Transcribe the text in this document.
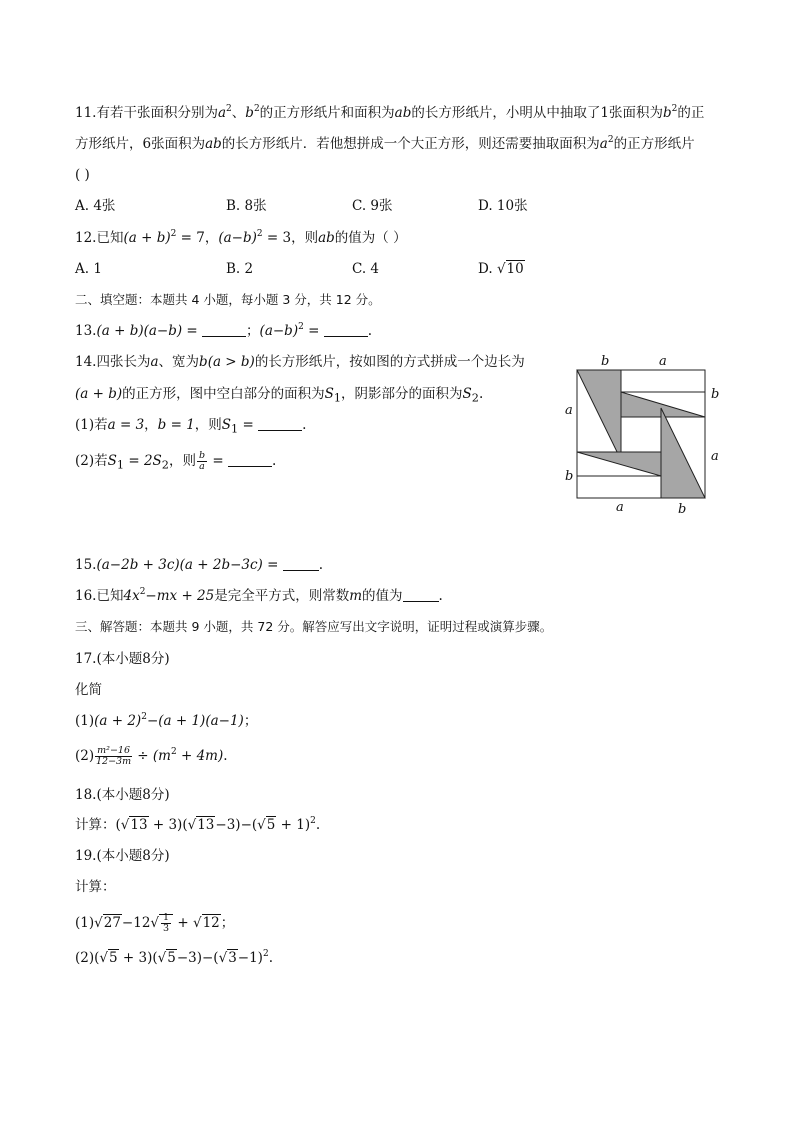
11.有若干张面积分别为$a^2$、$b^2$的正方形纸片和面积为ab的长方形纸片，小明从中抽取了1张面积为$b^2$的正
方形纸片，6张面积为ab的长方形纸片．若他想拼成一个大正方形，则还需要抽取面积为$a^2$的正方形纸片
( )
A. 4张	B. 8张	C. 9张	D. 10张
12.已知$(a + b)^2 = 7$，$(a-b)^2 = 3$，则ab的值为（ ）
A. 1	B. 2	C. 4	D. √10
二、填空题：本题共 4 小题，每小题 3 分，共 12 分。
13.(a + b)(a−b) =	；$(a-b)^2$ =	.
14.四张长为a、宽为b(a > b)的长方形纸片，按如图的方式拼成一个边长为
(a + b)的正方形，图中空白部分的面积为$S_1$，阴影部分的面积为$S_2$.
(1)若a = 3，b = 1，则$S_1$ =	.
(2)若$S_1 = 2S_2$，则 $\frac{b}{a}$ =	.
b	a
a
b
b
a
a	b
15.(a−2b + 3c)(a + 2b−3c) =	.
16.已知$4x^2-mx + 25$是完全平方式，则常数m的值为	.
三、解答题：本题共 9 小题，共 72 分。解答应写出文字说明，证明过程或演算步骤。
17.(本小题8分)
化简
$(1)(a + 2)^2-(a + 1)(a-1)$；
$(2) \frac{\text{m²−16}}{12-3m} \div (m^2 + 4m)$.
18.(本小题8分)
计算：$(√13 + 3)(√13-3)-(√5 + 1)^2$.
19.(本小题8分)
计算：
$(1)√27-12√ \frac{1}{3} + √12$；
$(2)(√5 + 3)(√5-3)-(√3-1)^2$.
